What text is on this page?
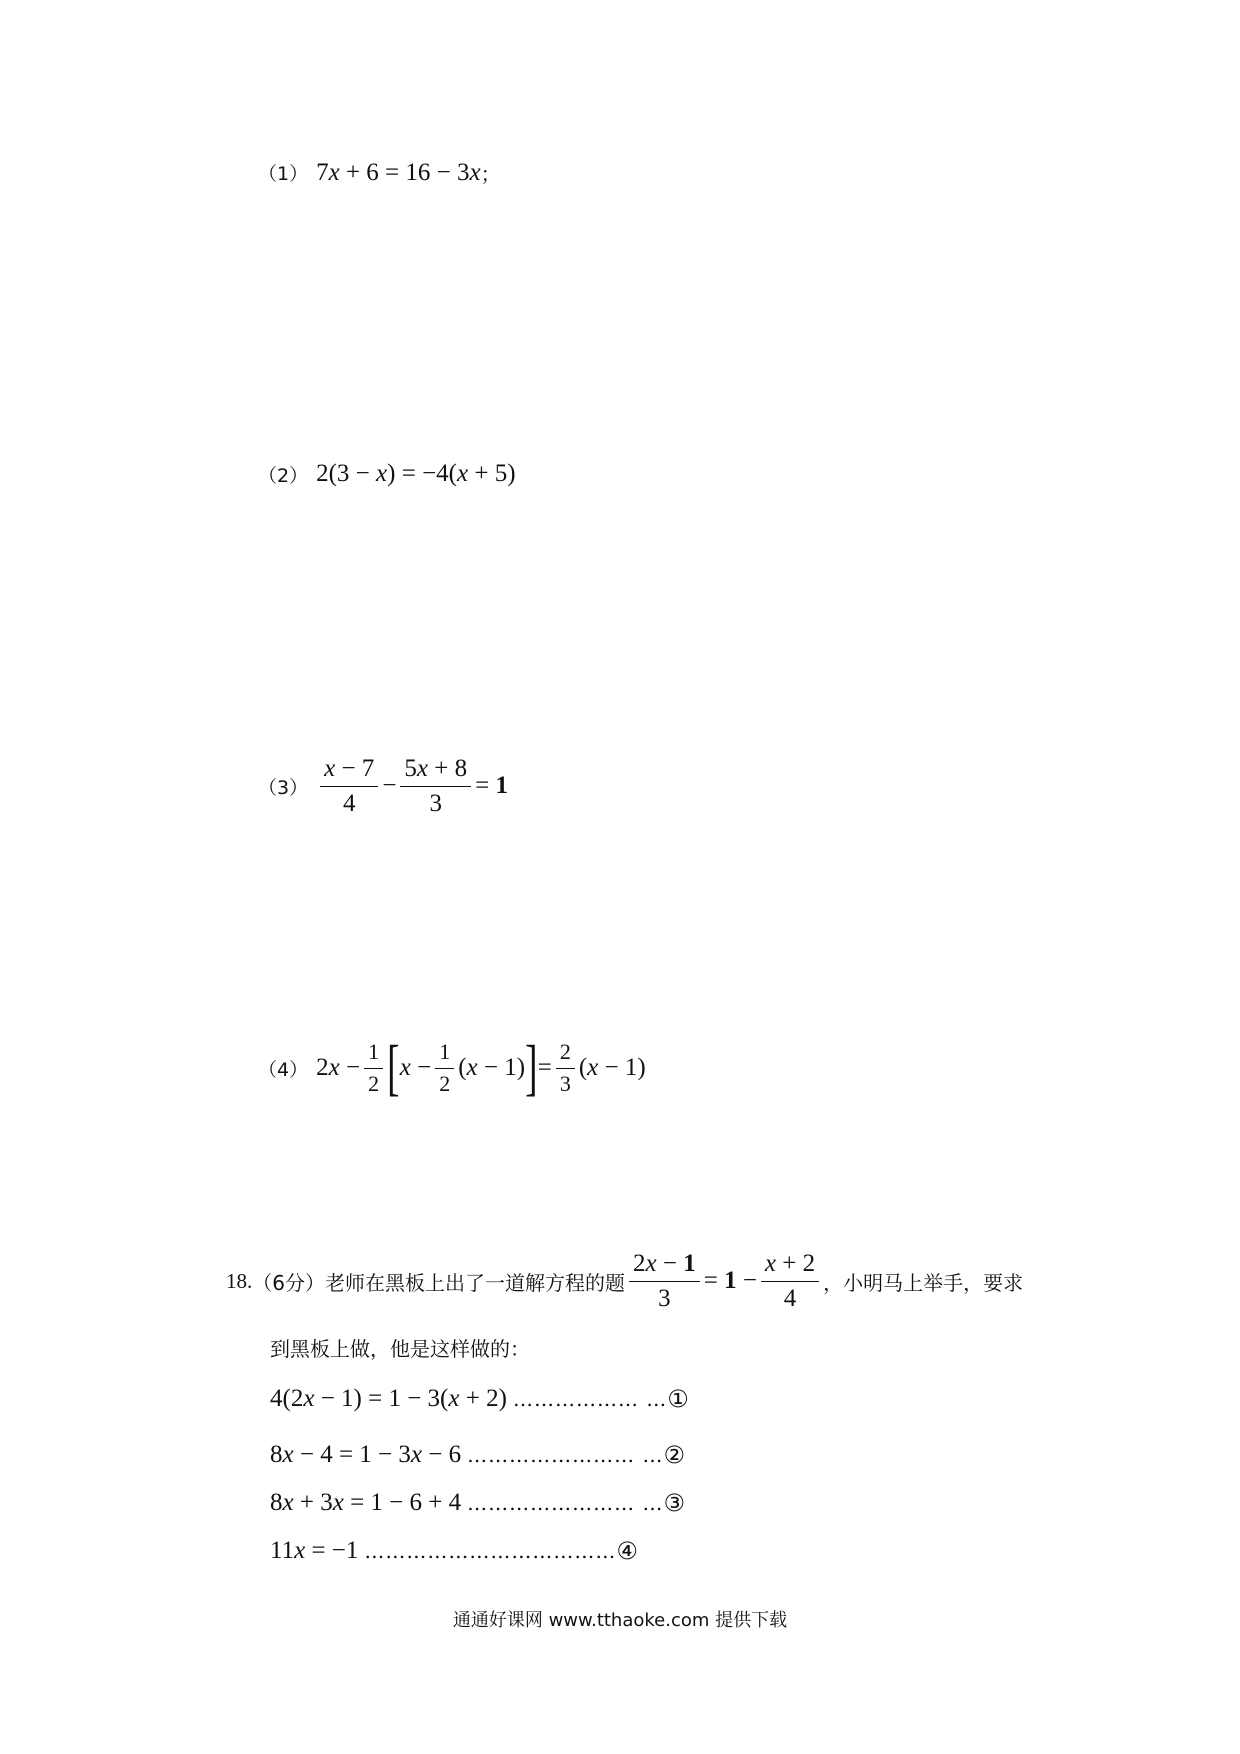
（1） 7 x + 6 = 16 − 3 x ；
（2） 2(3 − x ) = −4( x + 5)
$(3) \frac{x - 7}{4} - \frac{5x + 8}{3} = 1$
（4） 2 $x - \frac{1}{2}$ [ $x - \frac{1}{2}$ ( x − 1) ] = $\frac{2}{3}$ ( x − 1)
18. （6分） 老师在黑板上出了一道解方程的题 $\frac{2x - 1}{3} = 1 - \frac{x + 2}{4}$ ，小明马上举手，要求
到黑板上做，他是这样做的：
4(2 x − 1) = 1 − 3( x + 2) ……………… … ①
8 x − 4 = 1 − 3 x − 6 …………………… … ②
8 x + 3 x = 1 − 6 + 4 …………………… … ③
11 x = −1 ……………………………… ④
通通好课网 www.tthaoke.com 提供下载
